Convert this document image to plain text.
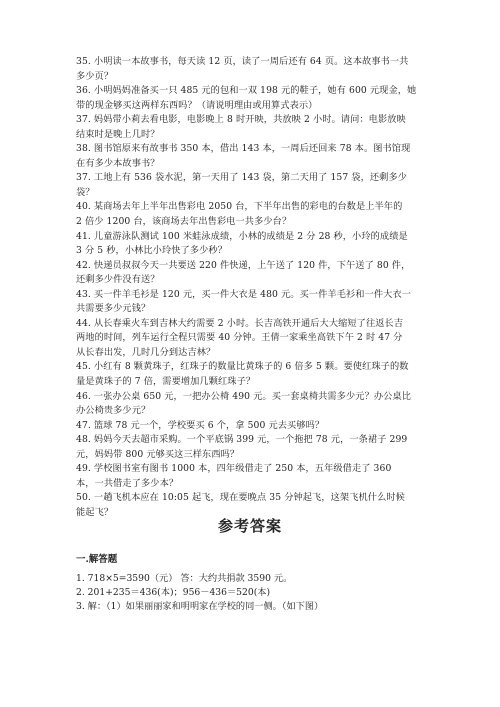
35. 小明读一本故事书，每天读 12 页，读了一周后还有 64 页。这本故事书一共

多少页？

36. 小明妈妈准备买一只 485 元的包和一双 198 元的鞋子，她有 600 元现金，她

带的现金够买这两样东西吗？（请说明理由或用算式表示）

37. 妈妈带小莉去看电影，电影晚上 8 时开映，共放映 2 小时。请问：电影放映

结束时是晚上几时？

38. 图书馆原来有故事书 350 本，借出 143 本，一周后还回来 78 本。图书馆现

在有多少本故事书？

37. 工地上有 536 袋水泥，第一天用了 143 袋，第二天用了 157 袋，还剩多少

袋？

40. 某商场去年上半年出售彩电 2050 台，下半年出售的彩电的台数是上半年的

2 倍少 1200 台，该商场去年出售彩电一共多少台？

41. 儿童游泳队测试 100 米蛙泳成绩，小林的成绩是 2 分 28 秒，小玲的成绩是

3 分 5 秒，小林比小玲快了多少秒？

42. 快递员叔叔今天一共要送 220 件快递，上午送了 120 件，下午送了 80 件，

还剩多少件没有送？

43. 买一件羊毛衫是 120 元，买一件大衣是 480 元。买一件羊毛衫和一件大衣一

共需要多少元钱？

44. 从长春乘火车到吉林大约需要 2 小时。长吉高铁开通后大大缩短了往返长吉

两地的时间，列车运行全程只需要 40 分钟。王倩一家乘坐高铁下午 2 时 47 分

从长春出发，几时几分到达吉林？

45. 小红有 8 颗黄珠子，红珠子的数量比黄珠子的 6 倍多 5 颗。要使红珠子的数

量是黄珠子的 7 倍，需要增加几颗红珠子？

46. 一张办公桌 650 元，一把办公椅 490 元。买一套桌椅共需多少元？办公桌比

办公椅贵多少元？

47. 篮球 78 元一个，学校要买 6 个，拿 500 元去买够吗？

48. 妈妈今天去超市采购。一个平底锅 399 元，一个拖把 78 元，一条裙子 299

元，妈妈带 800 元够买这三样东西吗？

49. 学校图书室有图书 1000 本，四年级借走了 250 本，五年级借走了 360

本，一共借走了多少本？

50. 一趟飞机本应在 10:05 起飞，现在要晚点 35 分钟起飞，这架飞机什么时候

能起飞？

参考答案
一.解答题

1. 718×5=3590（元） 答：大约共捐款 3590 元。

2. 201+235＝436(本)；956－436＝520(本)

3. 解：（1）如果丽丽家和明明家在学校的同一侧。（如下图）
